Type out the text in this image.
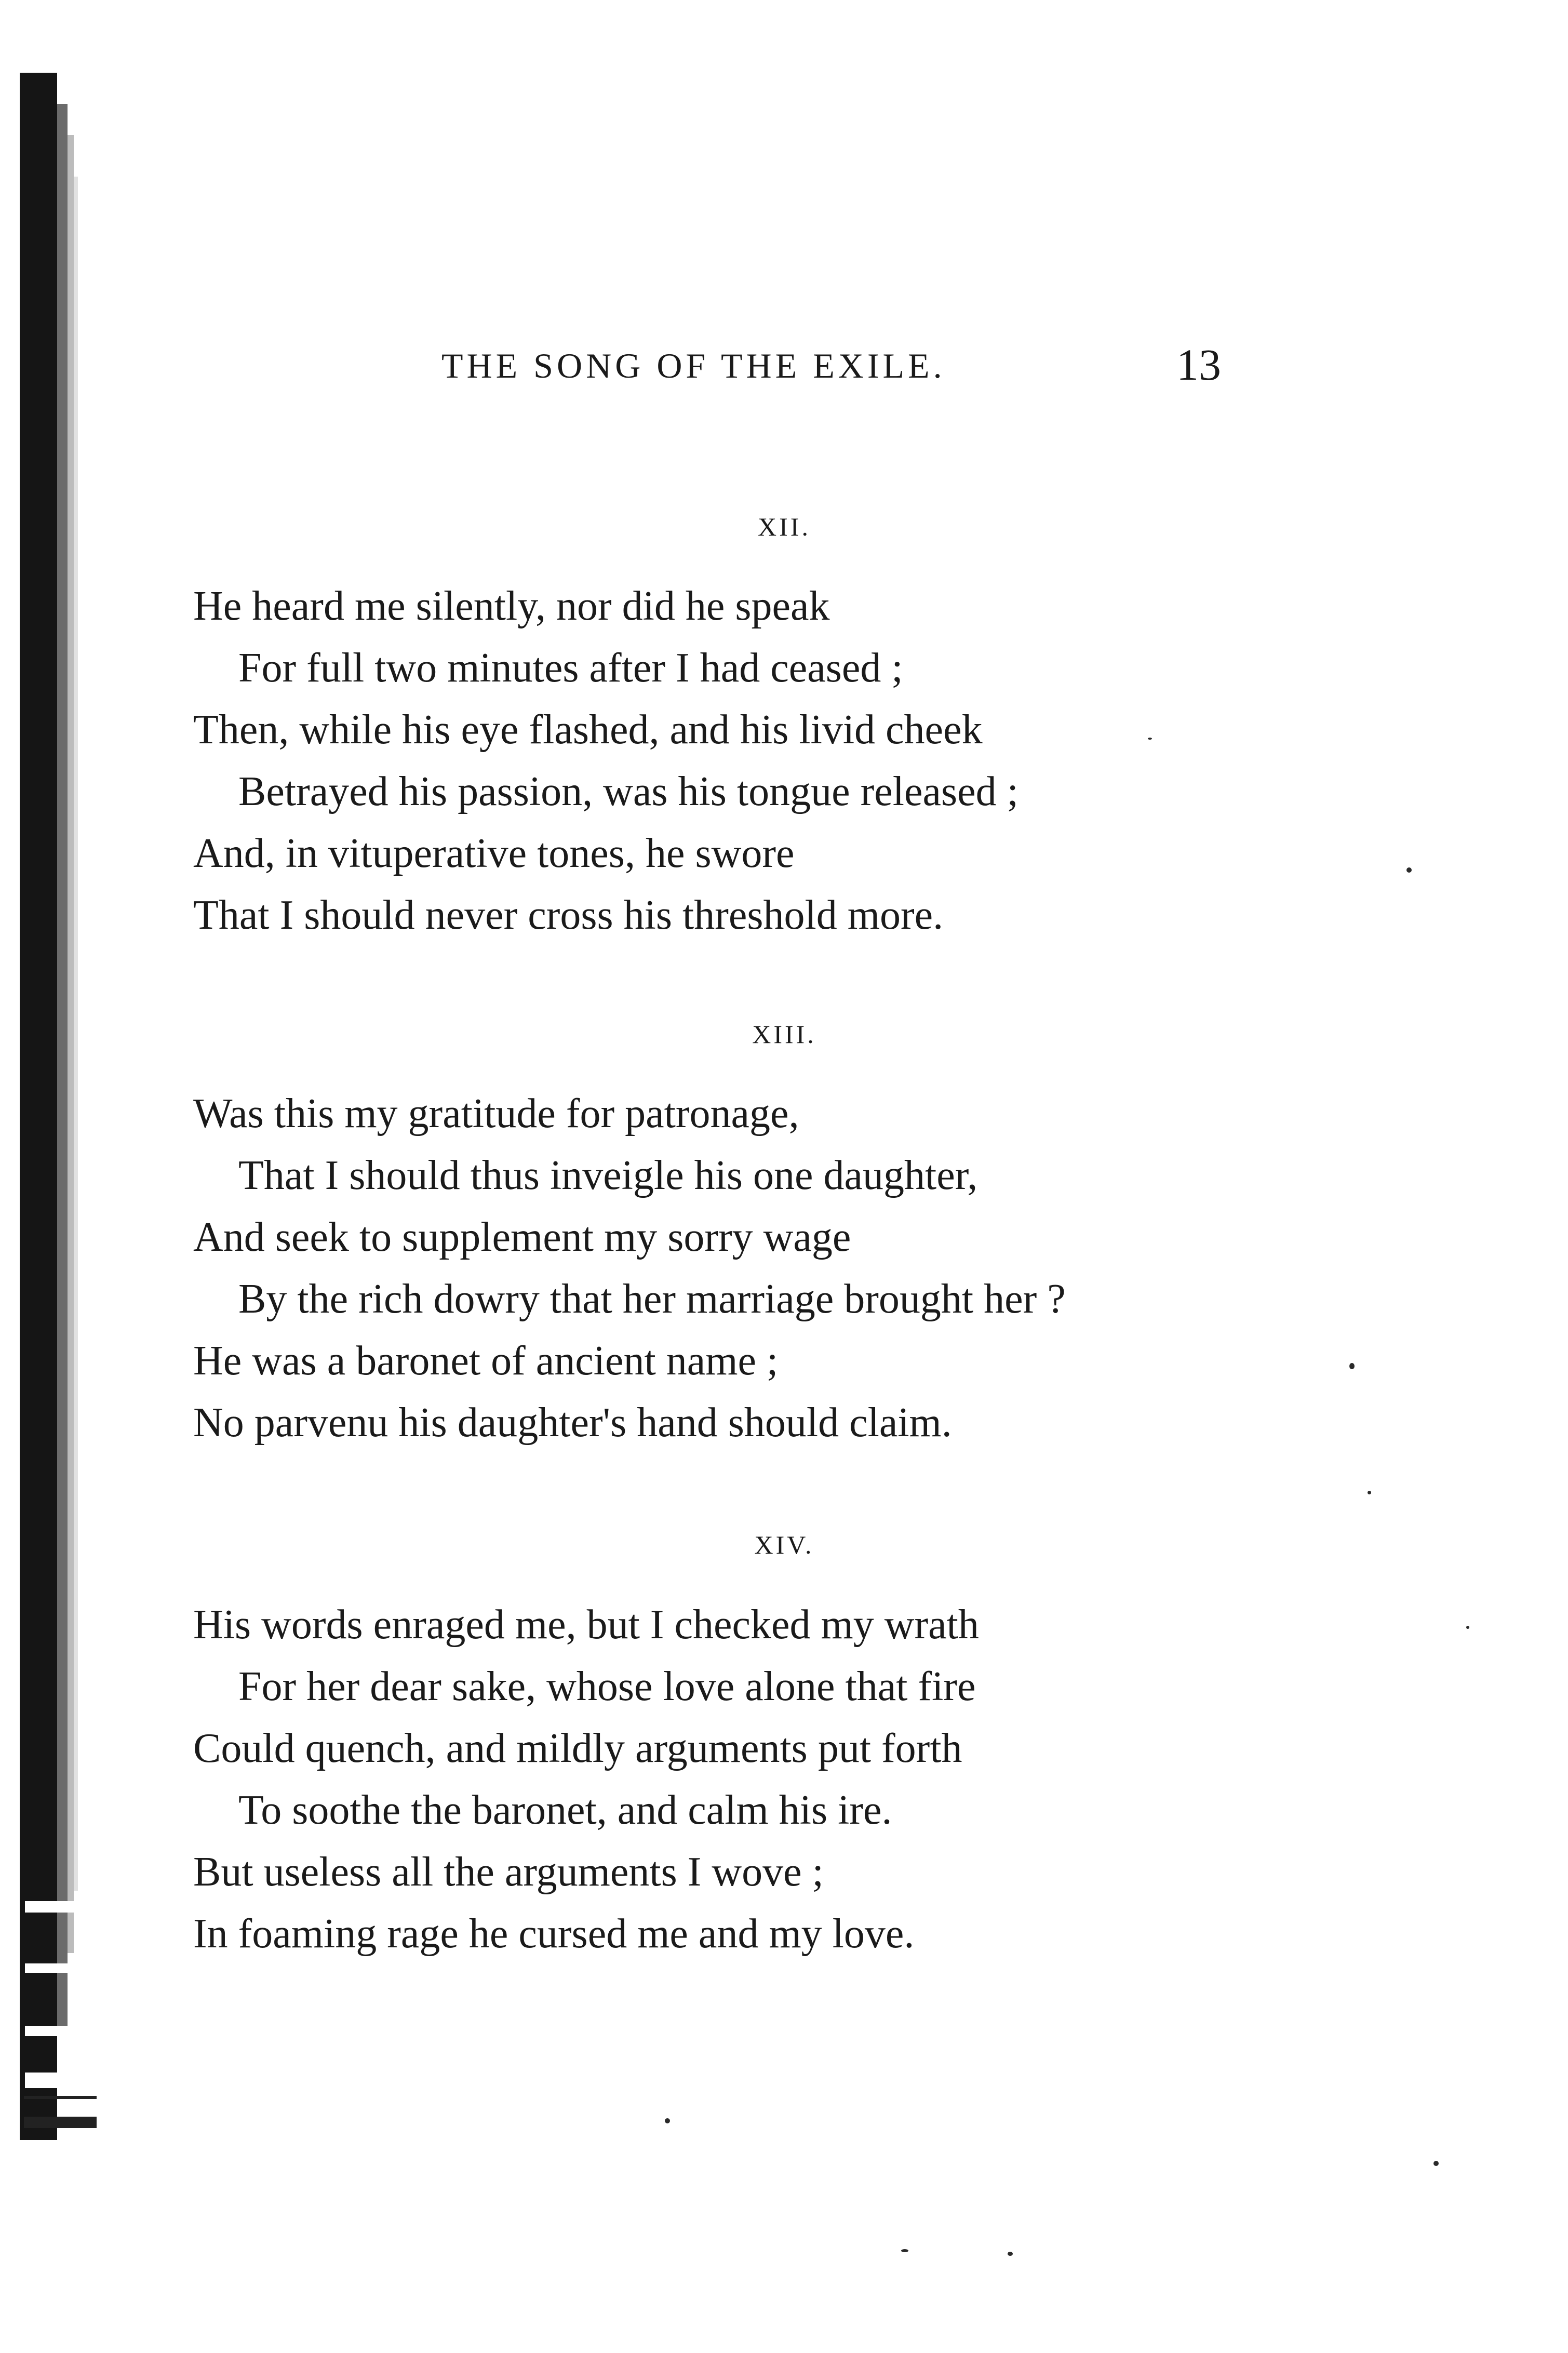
THE SONG OF THE EXILE.	13
XII.
He heard me silently, nor did he speak
For full two minutes after I had ceased ;
Then, while his eye flashed, and his livid cheek
Betrayed his passion, was his tongue released ;
And, in vituperative tones, he swore
That I should never cross his threshold more.
XIII.
Was this my gratitude for patronage,
That I should thus inveigle his one daughter,
And seek to supplement my sorry wage
By the rich dowry that her marriage brought her ?
He was a baronet of ancient name ;
No parvenu his daughter's hand should claim.
XIV.
His words enraged me, but I checked my wrath
For her dear sake, whose love alone that fire
Could quench, and mildly arguments put forth
To soothe the baronet, and calm his ire.
But useless all the arguments I wove ;
In foaming rage he cursed me and my love.
